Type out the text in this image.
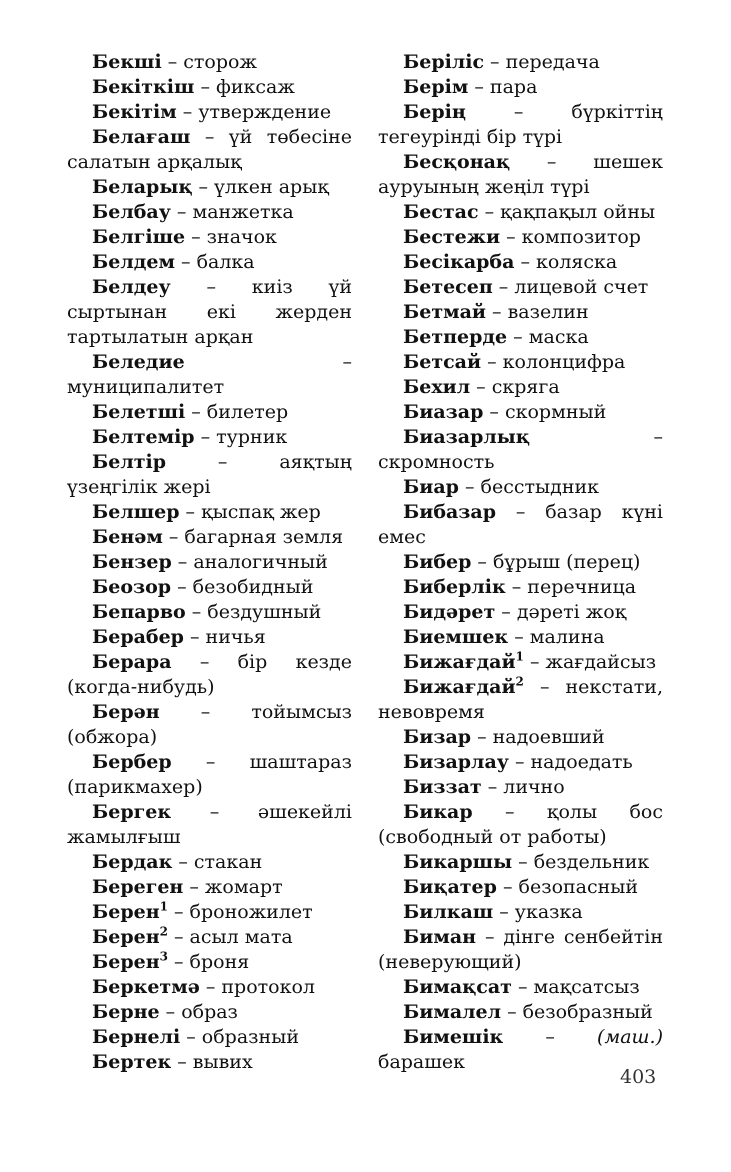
Бекші – сторож

Бекіткіш – фиксаж

Бекітім – утверждение

Белағаш – үй төбесіне салатын арқалық

Беларық – үлкен арық

Белбау – манжетка

Белгіше – значок

Белдем – балка

Белдеу – киіз үй сыртынан екі жерден тартылатын арқан

Беледие – муниципалитет

Белетші – билетер

Белтемір – турник

Белтір – аяқтың үзеңгілік жері

Белшер – қыспақ жер

Бенәм – багарная земля

Бензер – аналогичный

Беозор – безобидный

Бепарво – бездушный

Берабер – ничья

Берара – бір кезде (когда-нибудь)

Берән – тойымсыз (обжора)

Бербер – шаштараз (парикмахер)

Бергек – әшекейлі жамылғыш

Бердак – стакан

Береген – жомарт

Берен$^1$ – броножилет

Берен$^2$ – асыл мата

Берен$^3$ – броня

Беркетмә – протокол

Берне – образ

Бернелі – образный

Бертек – вывих

Беріліс – передача

Берім – пара

Берің – бүркіттің тегеуріндi бір түрі

Бесқонақ – шешек ауруының жеңіл түрі

Бестас – қақпақыл ойны

Бестежи – композитор

Бесікарба – коляска

Бетесеп – лицевой счет

Бетмай – вазелин

Бетперде – маска

Бетсай – колонцифра

Бехил – скряга

Биазар – скормный

Биазарлық – скромность

Биар – бесстыдник

Бибазар – базар күні емес

Бибер – бұрыш (перец)

Биберлік – перечница

Бидәрет – дәреті жоқ

Биемшек – малина

Бижағдай$^1$ – жағдайсыз

Бижағдай$^2$ – некстати, невовремя

Бизар – надоевший

Бизарлау – надоедать

Биззат – лично

Бикар – қолы бос (свободный от работы)

Бикаршы – бездельник

Биқатер – безопасный

Билкаш – указка

Биман – дінге сенбейтін (неверующий)

Бимақсат – мақсатсыз

Бималел – безобразный

Бимешік – (маш.) барашек

403
